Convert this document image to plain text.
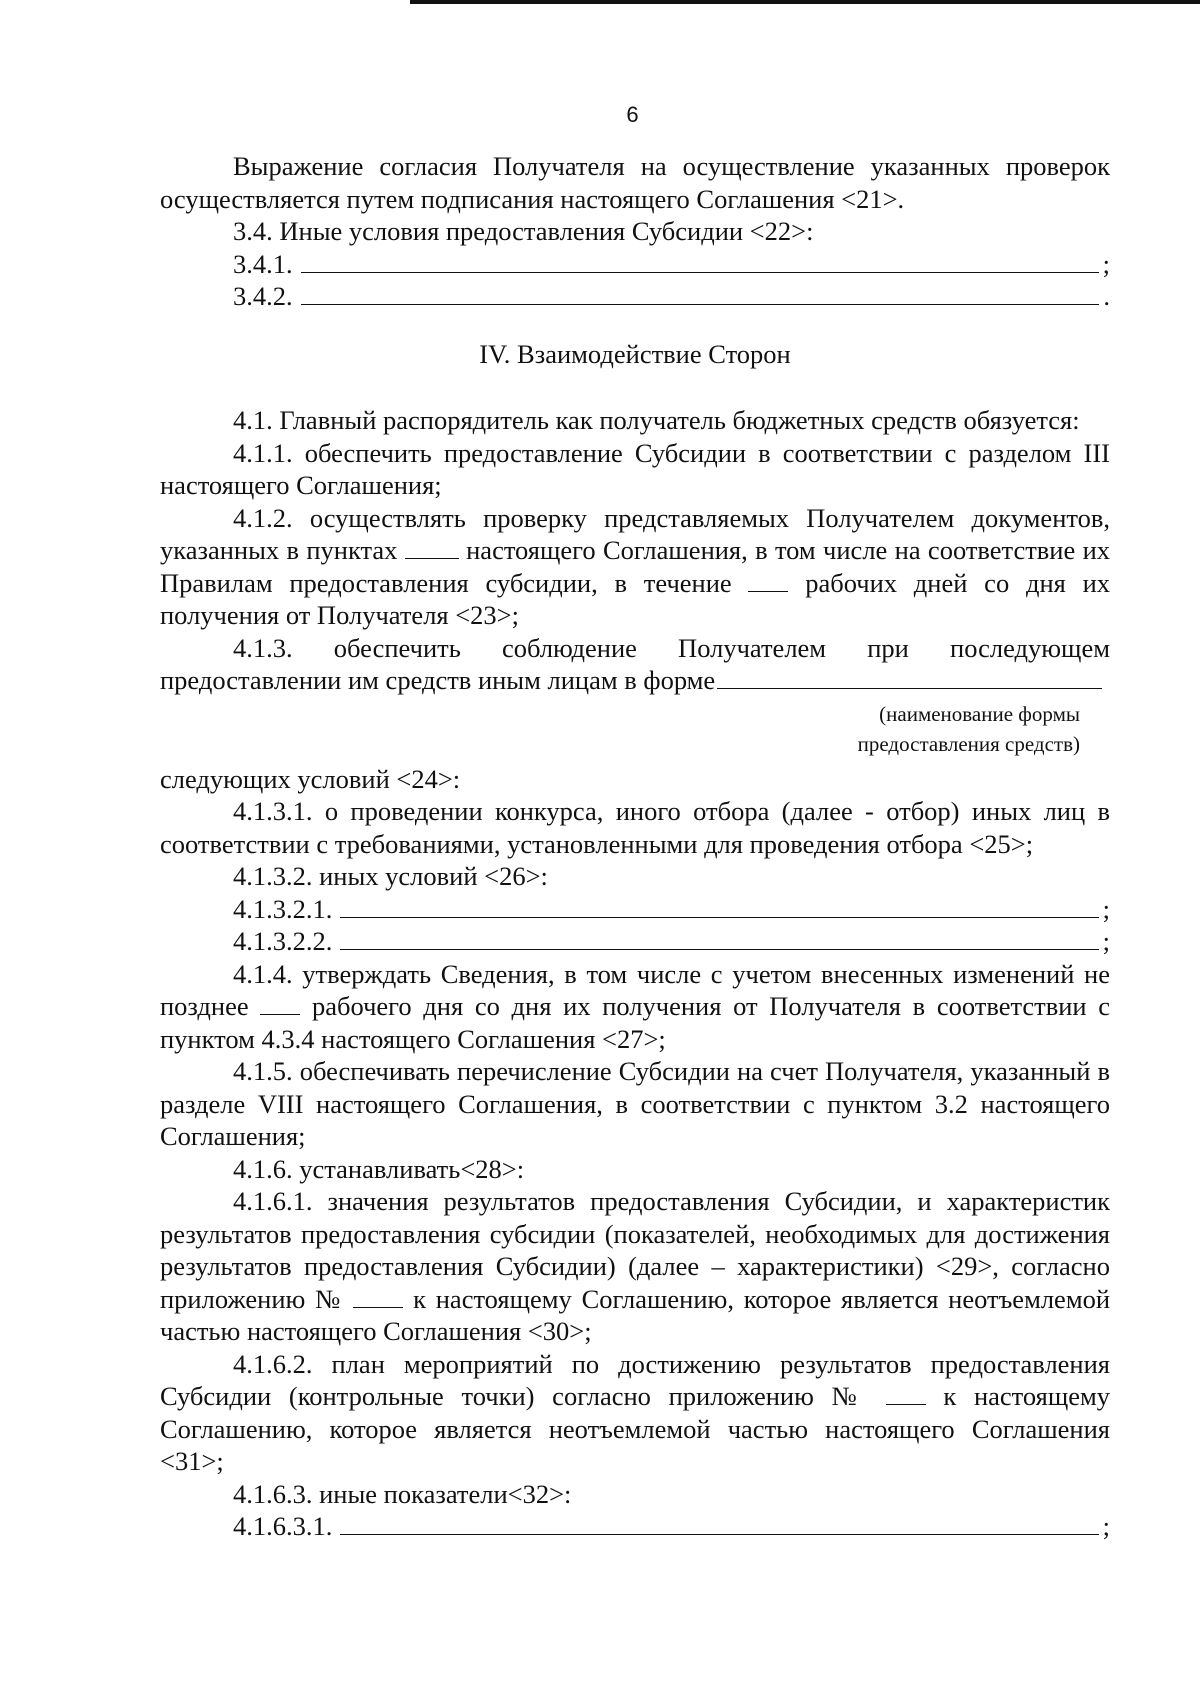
6

Выражение согласия Получателя на осуществление указанных проверок осуществляется путем подписания настоящего Соглашения <21>.

3.4. Иные условия предоставления Субсидии <22>:

3.4.1.	;
3.4.2.	.
IV. Взаимодействие Сторон

4.1. Главный распорядитель как получатель бюджетных средств обязуется:

4.1.1. обеспечить предоставление Субсидии в соответствии с разделом III настоящего Соглашения;

4.1.2. осуществлять проверку представляемых Получателем документов, указанных в пунктах	настоящего Соглашения, в том числе на соответствие их Правилам предоставления субсидии, в течение	рабочих дней со дня их получения от Получателя <23>;

4.1.3. обеспечить соблюдение Получателем при последующем

предоставлении им средств иным лицам в форме
(наименование формы
предоставления средств)

следующих условий <24>:

4.1.3.1. о проведении конкурса, иного отбора (далее - отбор) иных лиц в соответствии с требованиями, установленными для проведения отбора <25>;

4.1.3.2. иных условий <26>:

4.1.3.2.1.	;
4.1.3.2.2.	;

4.1.4. утверждать Сведения, в том числе с учетом внесенных изменений не позднее рабочего дня со дня их получения от Получателя в соответствии с пунктом 4.3.4 настоящего Соглашения <27>;

4.1.5. обеспечивать перечисление Субсидии на счет Получателя, указанный в разделе VIII настоящего Соглашения, в соответствии с пунктом 3.2 настоящего Соглашения;

4.1.6. устанавливать<28>:

4.1.6.1. значения результатов предоставления Субсидии, и характеристик результатов предоставления субсидии (показателей, необходимых для достижения результатов предоставления Субсидии) (далее – характеристики) <29>, согласно приложению №	к настоящему Соглашению, которое является неотъемлемой частью настоящего Соглашения <30>;

4.1.6.2. план мероприятий по достижению результатов предоставления Субсидии (контрольные точки) согласно приложению №	к настоящему Соглашению, которое является неотъемлемой частью настоящего Соглашения <31>;

4.1.6.3. иные показатели<32>:

4.1.6.3.1.	;
